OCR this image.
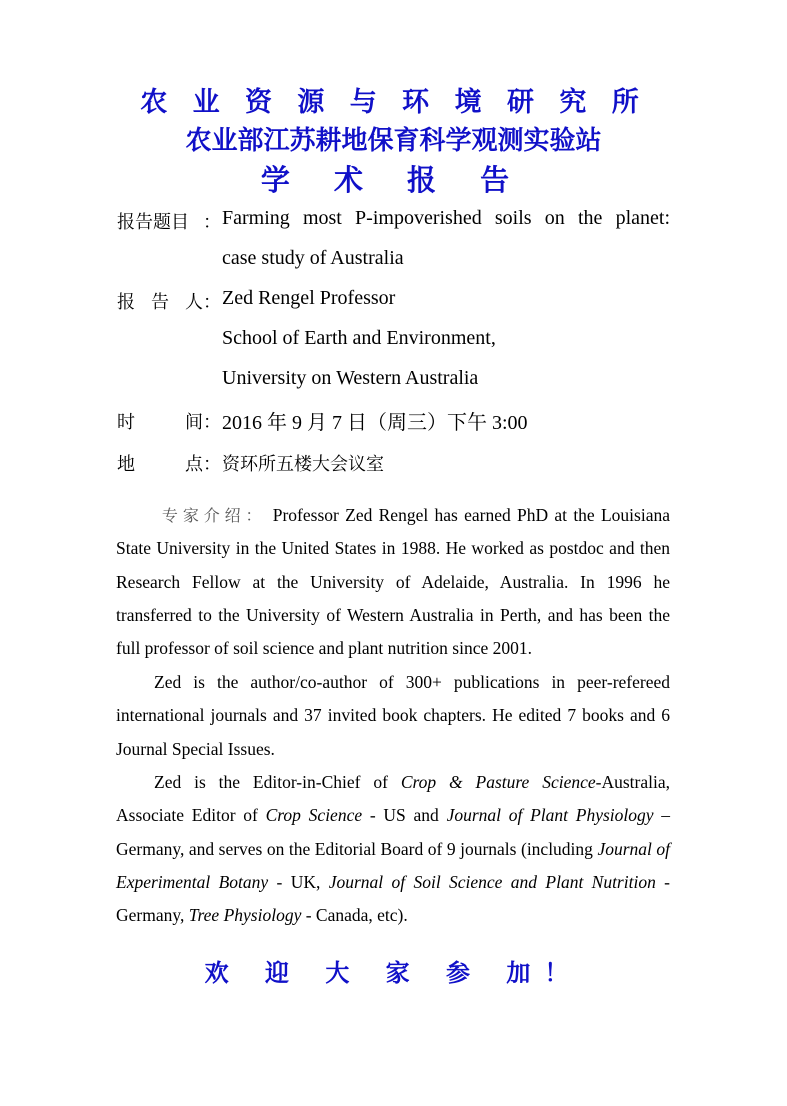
农 业 资 源 与 环 境 研 究 所
农业部江苏耕地保育科学观测实验站
学 术 报 告
报告题目 ： Farming most P-impoverished soils on the planet:
case study of Australia
报 告 人： Zed Rengel Professor
School of Earth and Environment,
University on Western Australia
时	间： 2016 年 9 月 7 日（周三）下午 3:00
地	点： 资环所五楼大会议室
专家介绍： Professor Zed Rengel has earned PhD at the Louisiana State University in the United States in 1988. He worked as postdoc and then Research Fellow at the University of Adelaide, Australia. In 1996 he transferred to the University of Western Australia in Perth, and has been the full professor of soil science and plant nutrition since 2001.
Zed is the author/co-author of 300+ publications in peer-refereed international journals and 37 invited book chapters. He edited 7 books and 6 Journal Special Issues.
Zed is the Editor-in-Chief of Crop & Pasture Science-Australia, Associate Editor of Crop Science - US and Journal of Plant Physiology – Germany, and serves on the Editorial Board of 9 journals (including Journal of Experimental Botany - UK, Journal of Soil Science and Plant Nutrition - Germany, Tree Physiology - Canada, etc).
欢 迎 大 家 参 加！
